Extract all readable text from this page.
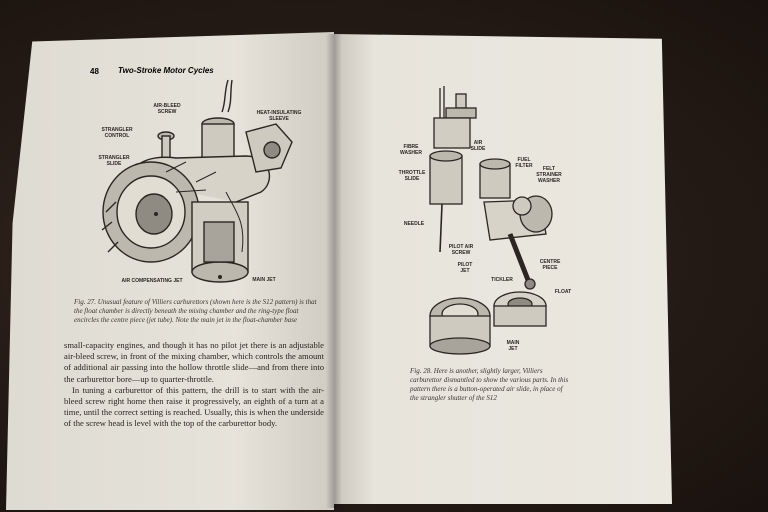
48 Two-Stroke Motor Cycles
AIR-BLEED SCREW	HEAT-INSULATING SLEEVE
STRANGLER CONTROL
STRANGLER SLIDE
AIR COMPENSATING JET	MAIN JET
Fig. 27. Unusual feature of Villiers carburettors (shown here is the S12 pattern) is that the float chamber is directly beneath the mixing chamber and the ring-type float encircles the centre piece (jet tube). Note the main jet in the float-chamber base

small-capacity engines, and though it has no pilot jet there is an adjustable air-bleed screw, in front of the mixing chamber, which controls the amount of additional air passing into the hollow throttle slide—and from there into the carburettor bore—up to quarter-throttle.

In tuning a carburettor of this pattern, the drill is to start with the air-bleed screw right home then raise it progressively, an eighth of a turn at a time, until the correct setting is reached. Usually, this is when the underside of the screw head is level with the top of the carburettor body.

FIBRE WASHER
AIR SLIDE
THROTTLE SLIDE
NEEDLE
FUEL FILTER	FELT STRAINER WASHER
PILOT AIR SCREW
PILOT JET
TICKLER
CENTRE PIECE
FLOAT
MAIN JET
Fig. 28. Here is another, slightly larger, Villiers carburettor dismantled to show the various parts. In this pattern there is a button-operated air slide, in place of the strangler shutter of the S12
